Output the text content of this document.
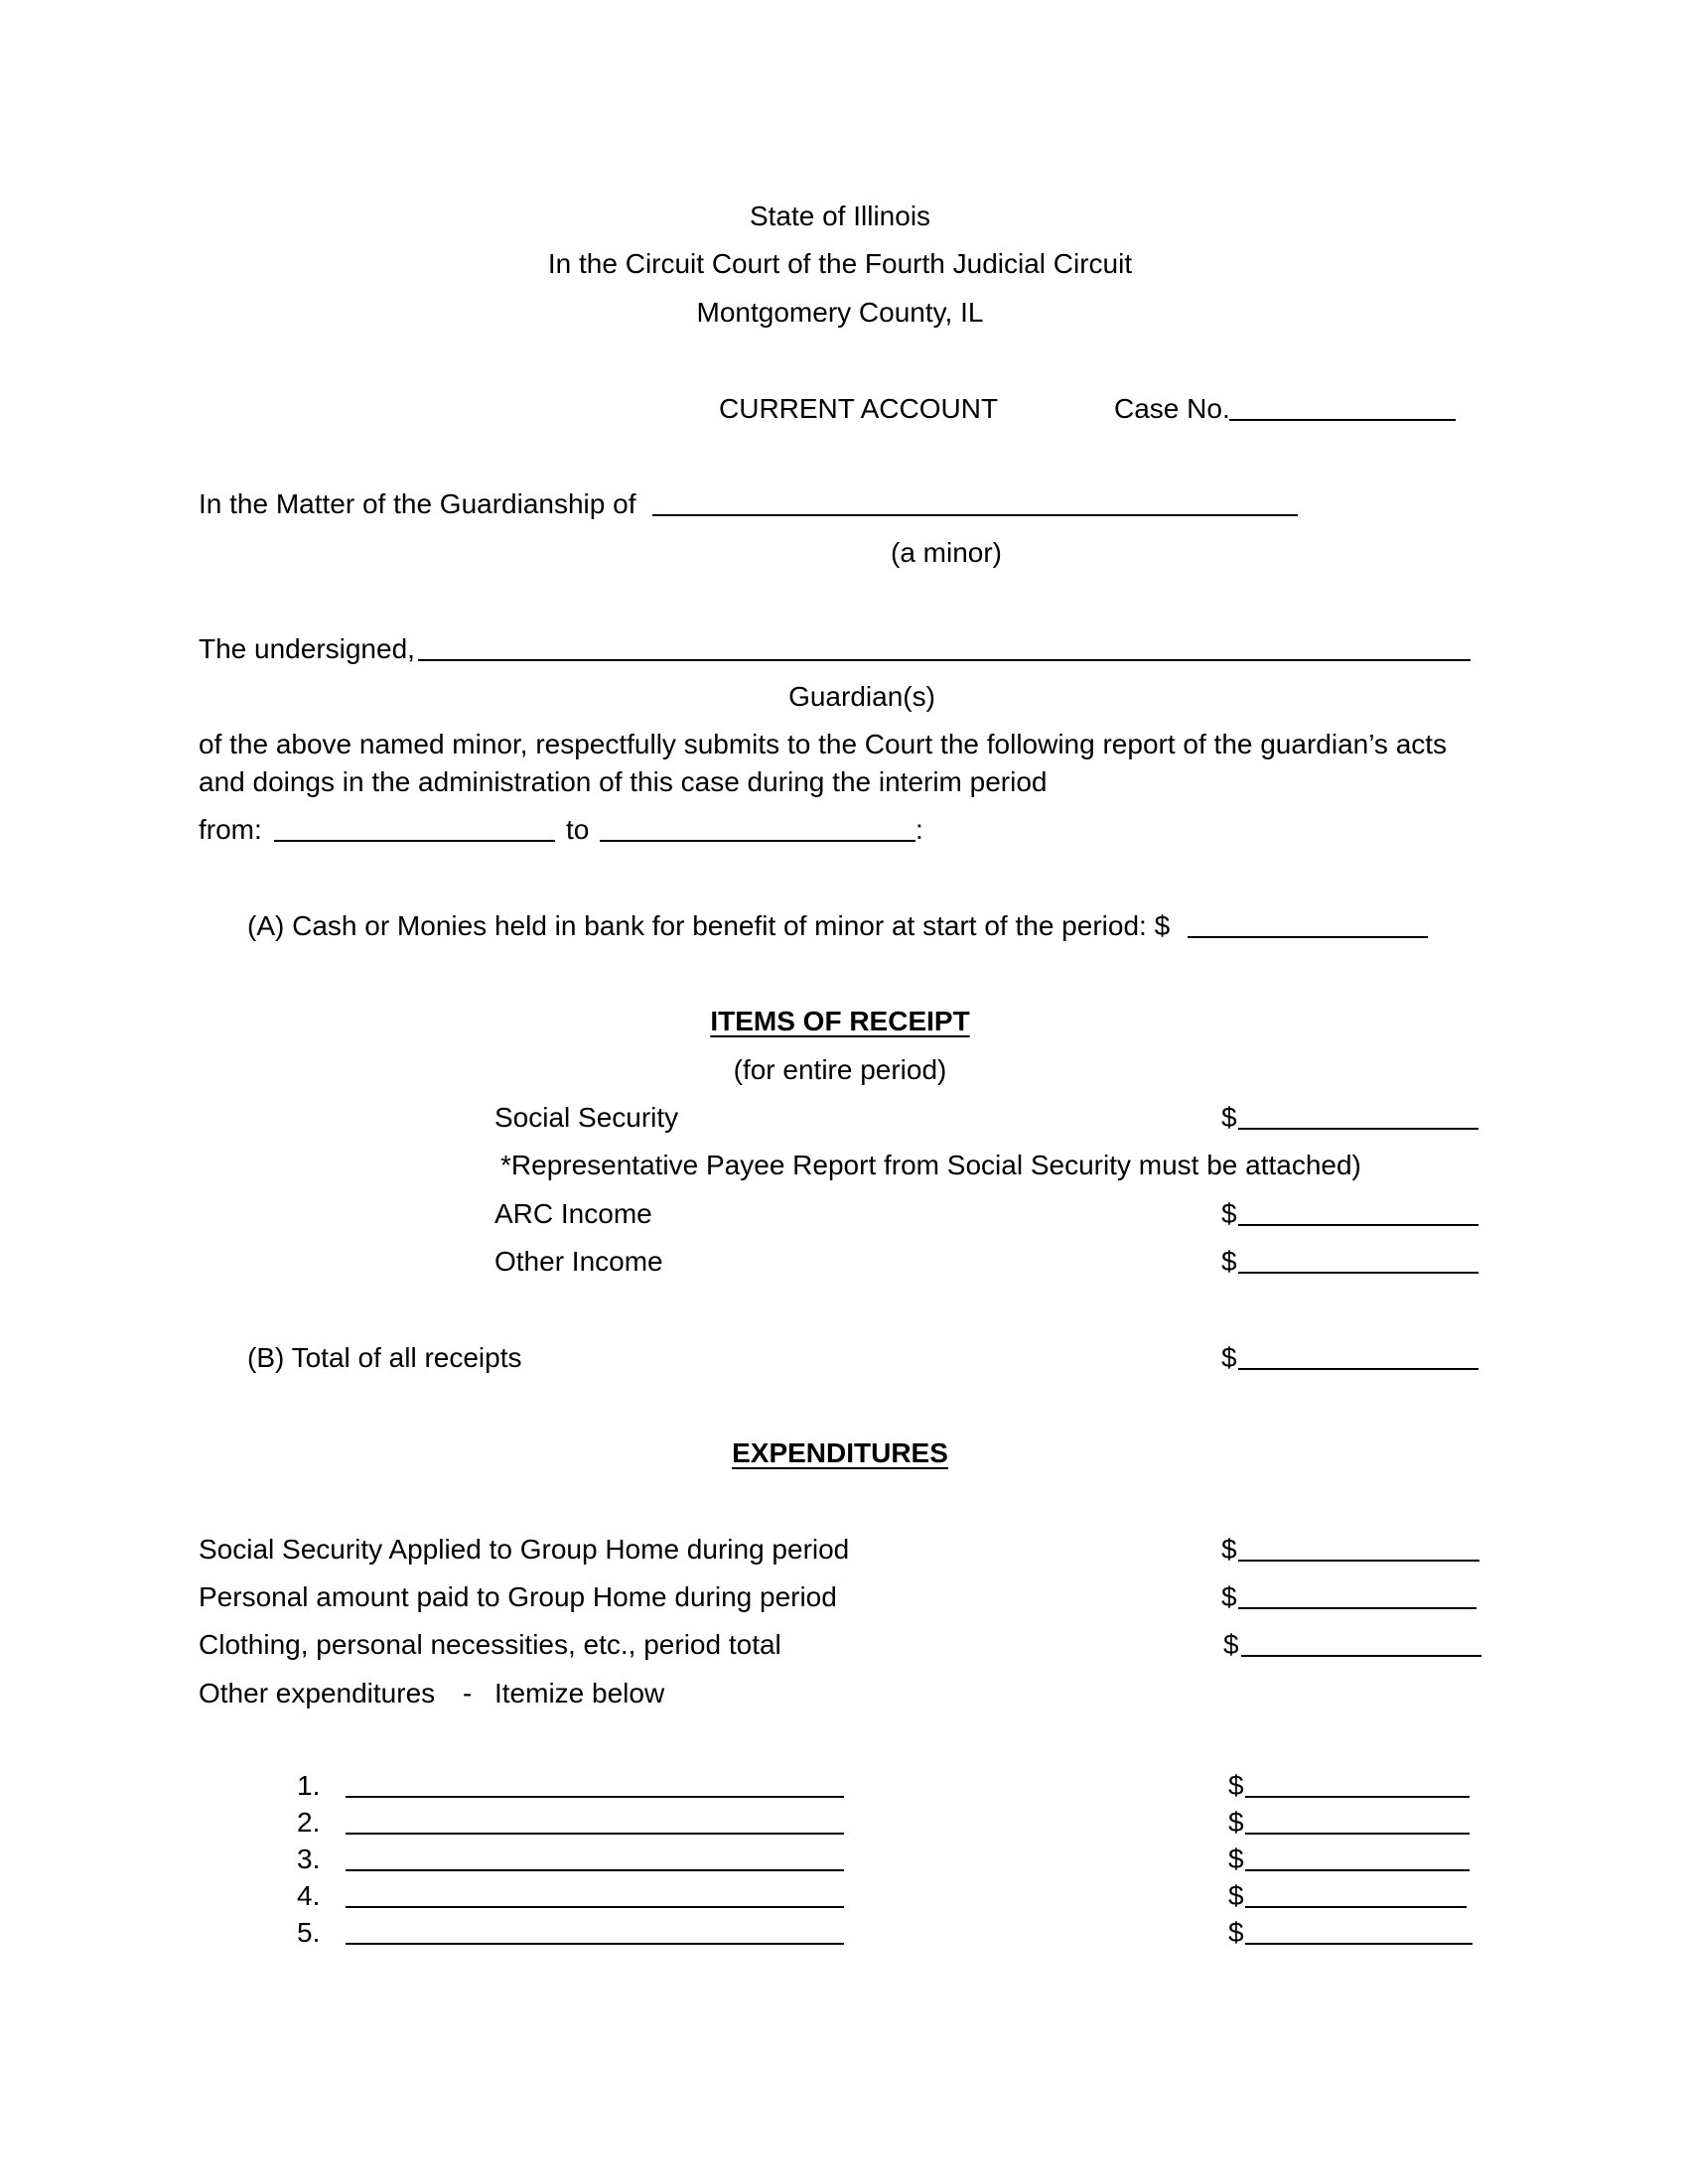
State of Illinois
In the Circuit Court of the Fourth Judicial Circuit
Montgomery County, IL
CURRENT ACCOUNT	Case No.
In the Matter of the Guardianship of
(a minor)
The undersigned,
Guardian(s)
of the above named minor, respectfully submits to the Court the following report of the guardian’s acts
and doings in the administration of this case during the interim period
from:	to	:
(A) Cash or Monies held in bank for benefit of minor at start of the period: $
ITEMS OF RECEIPT
(for entire period)
Social Security	$
*Representative Payee Report from Social Security must be attached)
ARC Income	$
Other Income	$
(B) Total of all receipts	$
EXPENDITURES
Social Security Applied to Group Home during period	$
Personal amount paid to Group Home during period	$
Clothing, personal necessities, etc., period total	$
Other expenditures - Itemize below
1.	$
2.	$
3.	$
4.	$
5.	$
